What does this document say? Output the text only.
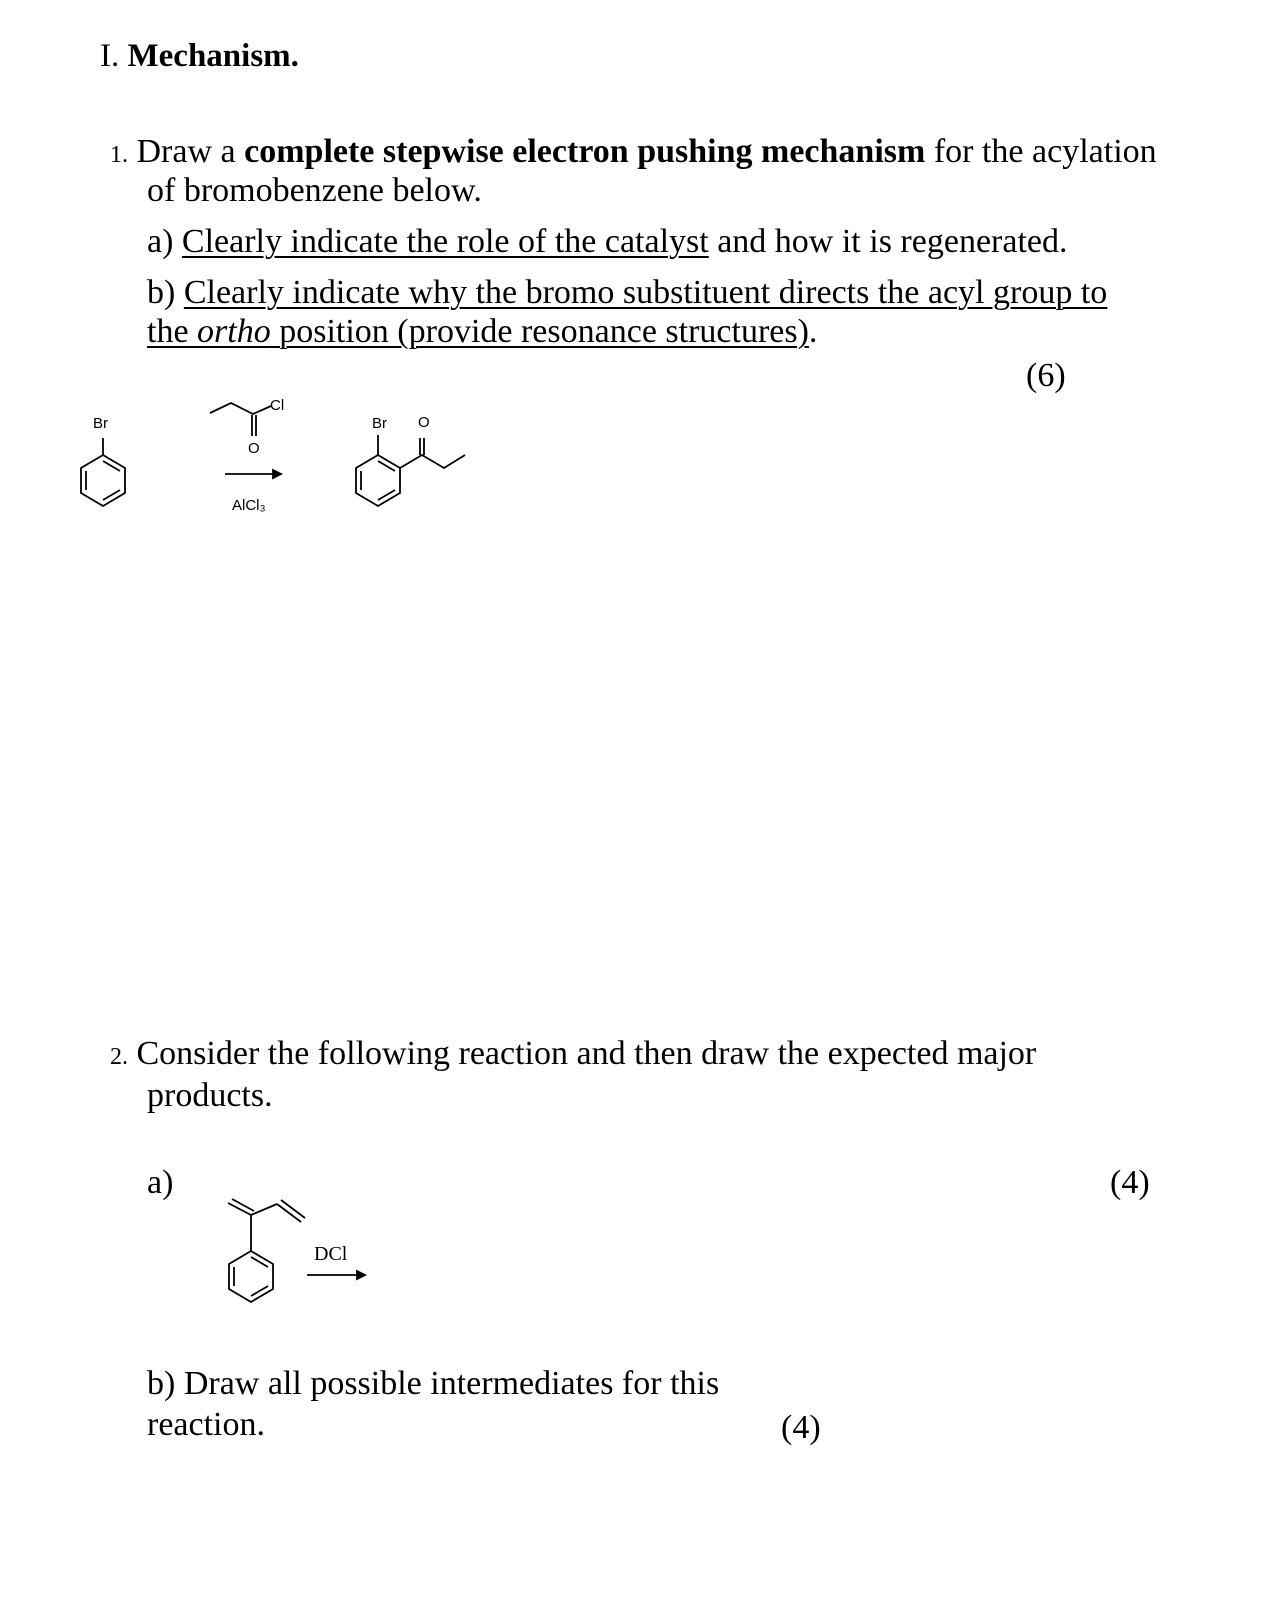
I. Mechanism.
1. Draw a complete stepwise electron pushing mechanism for the acylation
of bromobenzene below.
a) Clearly indicate the role of the catalyst and how it is regenerated.
b) Clearly indicate why the bromo substituent directs the acyl group to
the ortho position (provide resonance structures).
(6)
Br
Cl
O
AlCl₃
Br O
2. Consider the following reaction and then draw the expected major
products.
a)	(4)
DCl
b) Draw all possible intermediates for this
reaction.	(4)
